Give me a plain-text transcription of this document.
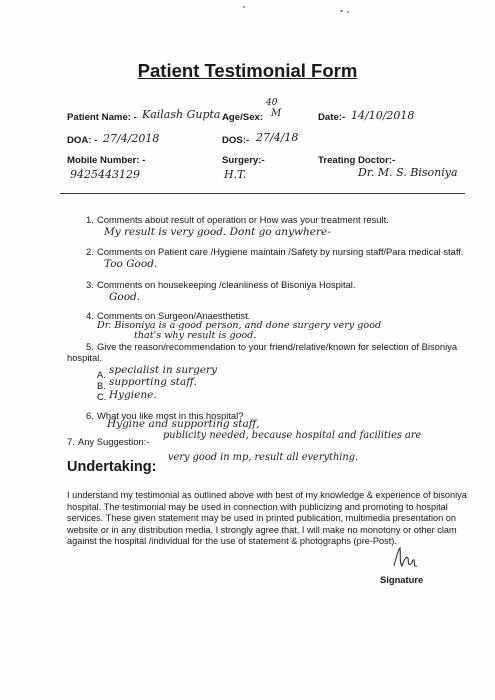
Patient Testimonial Form
Patient Name: - Kailash Gupta Age/Sex:
40
M	Date:- 14/10/2018
DOA: - 27/4/2018	DOS:- 27/4/18
Mobile Number: -
9425443129
Surgery:-
H.T.
Treating Doctor:-
Dr. M. S. Bisoniya
1. Comments about result of operation or How was your treatment result.
My result is very good. Dont go anywhere-
2. Comments on Patient care /Hygiene maintain /Safety by nursing staff/Para medical staff.
Too Good.
3. Comments on housekeeping /cleanliness of Bisoniya Hospital.
Good.
4. Comments on Surgeon/Anaesthetist.
Dr. Bisoniya is a good person, and done surgery very good
that's why result is good.
5. Give the reason/recommendation to your friend/relative/known for selection of Bisoniya
hospital.
A. specialist in surgery
B. supporting staff.
C. Hygiene.
6. What you like most in this hospital?
Hygine and supporting staff,
7. Any Suggestion:-
publicity needed, because hospital and facilities are
very good in mp, result all everything.
Undertaking:
I understand my testimonial as outlined above with best of my knowledge & experience of bisoniya hospital. The testimonial may be used in connection with publicizing and promoting to hospital services. These given statement may be used in printed publication, multimedia presentation on website or in any distribution media. I strongly agree that, I will make no monotony or other clam against the hospital /individual for the use of statement & photographs (pre-Post).
Signature
